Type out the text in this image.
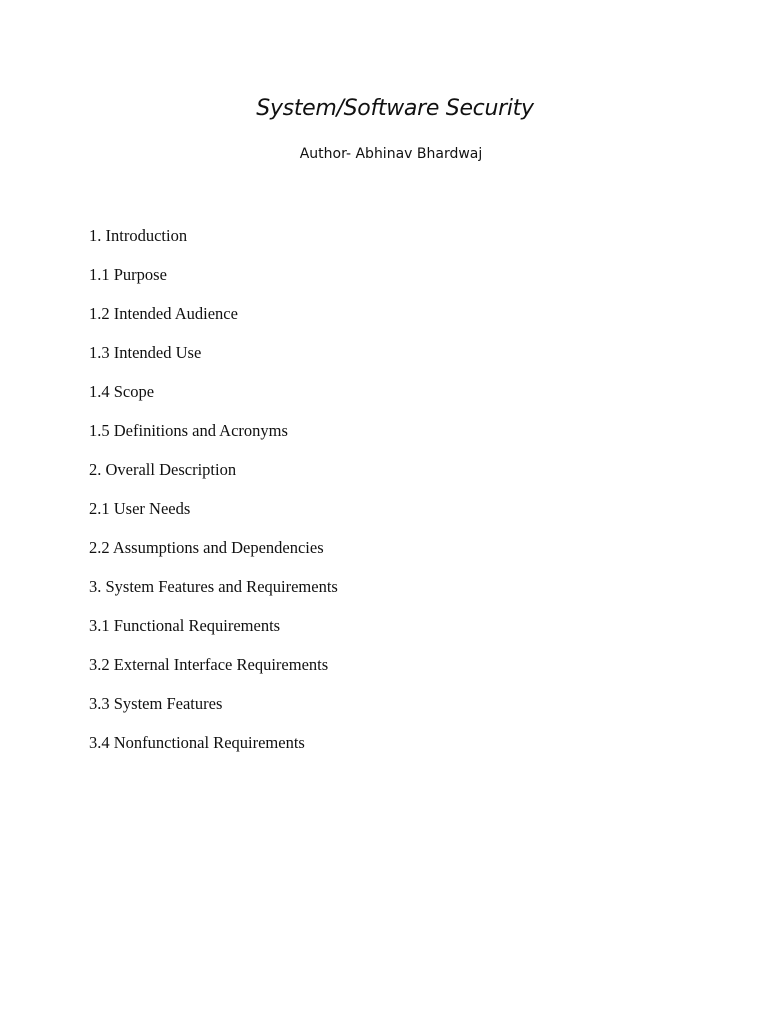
System/Software Security
Author- Abhinav Bhardwaj
1. Introduction
1.1 Purpose
1.2 Intended Audience
1.3 Intended Use
1.4 Scope
1.5 Definitions and Acronyms
2. Overall Description
2.1 User Needs
2.2 Assumptions and Dependencies
3. System Features and Requirements
3.1 Functional Requirements
3.2 External Interface Requirements
3.3 System Features
3.4 Nonfunctional Requirements
